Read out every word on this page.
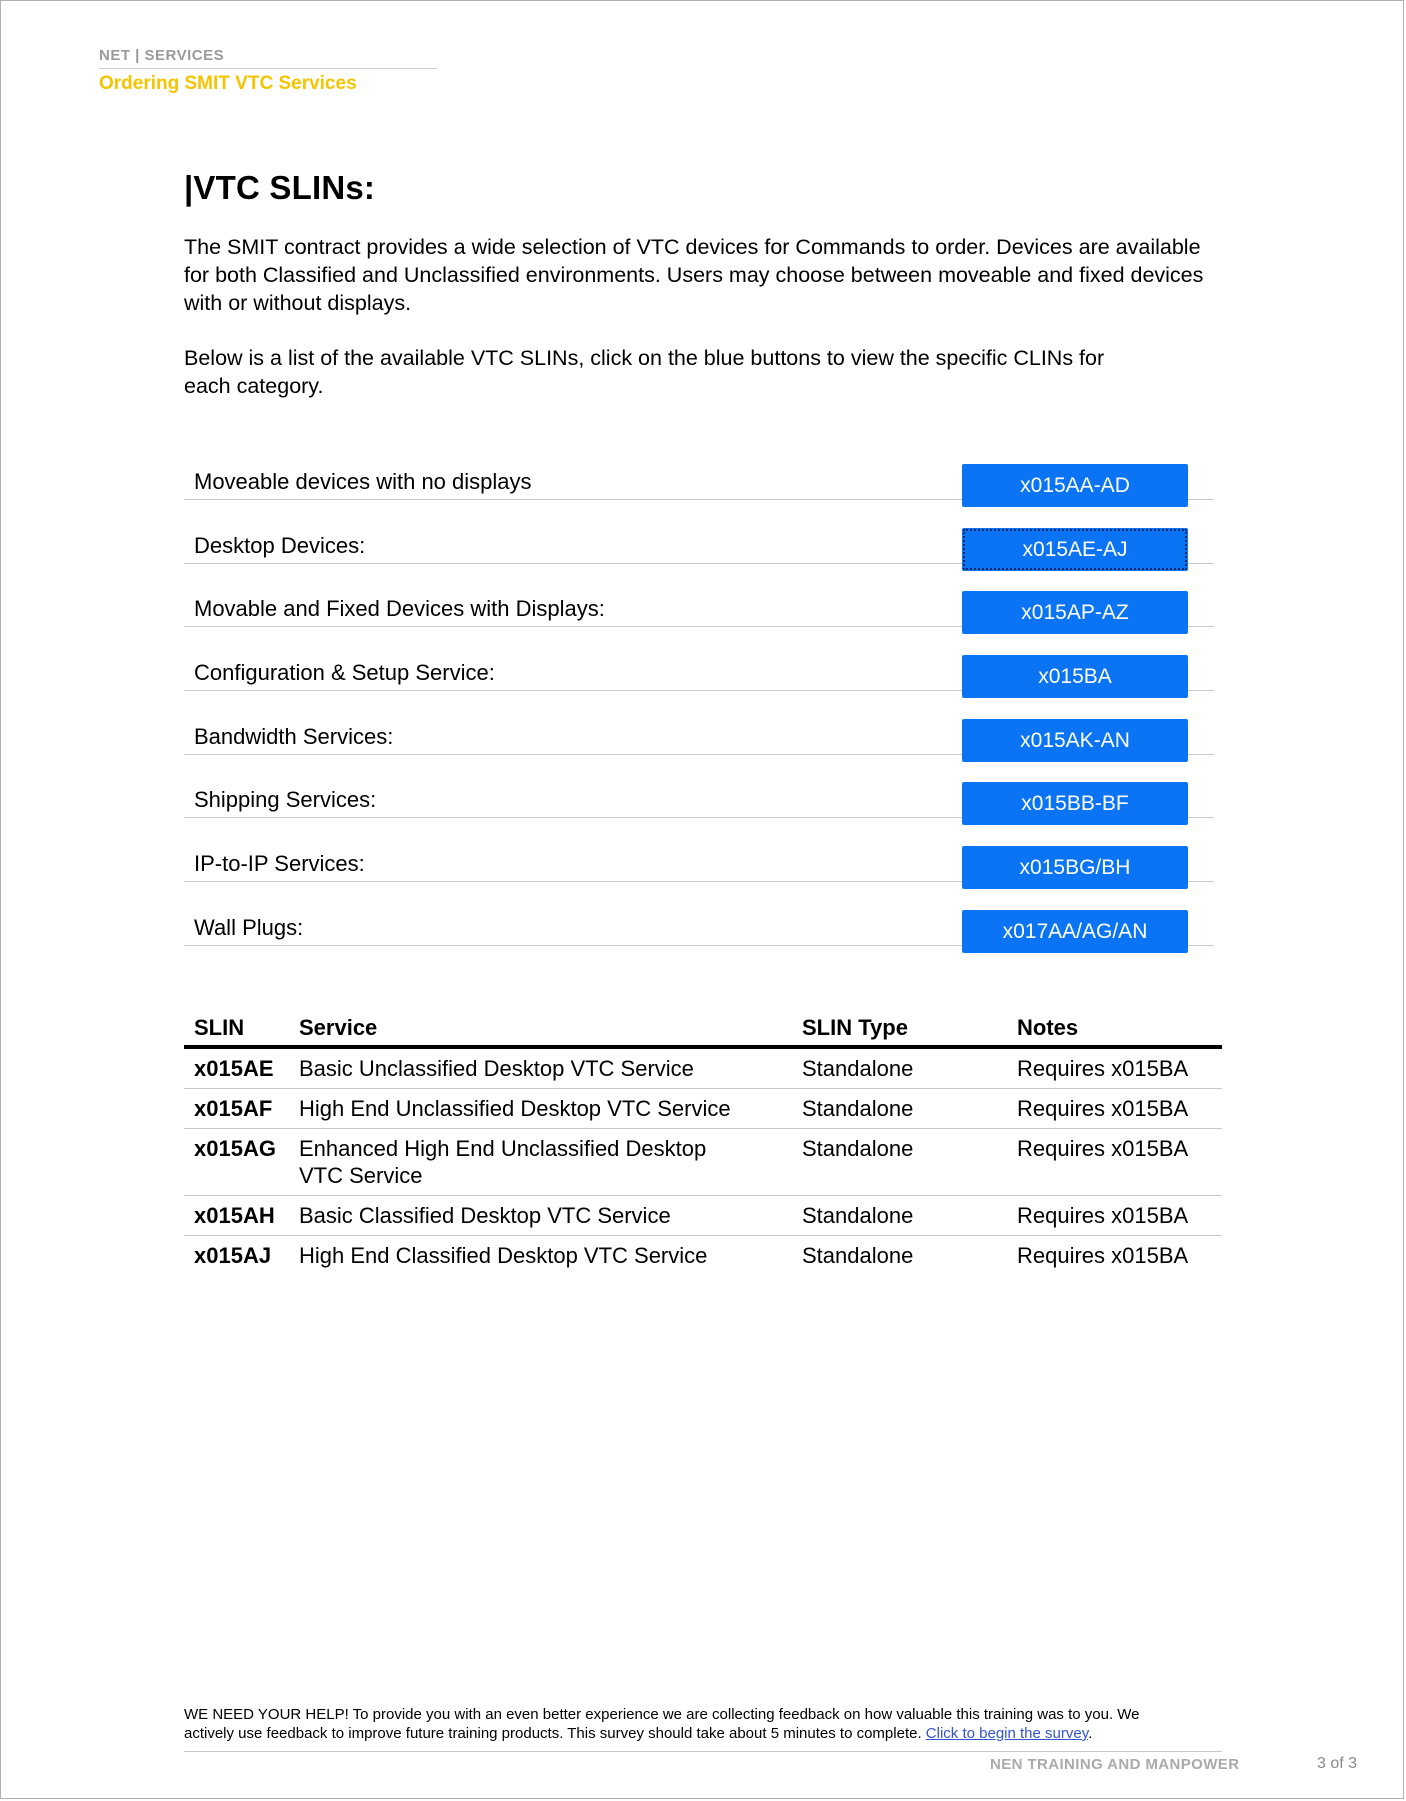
NET | SERVICES
Ordering SMIT VTC Services
|VTC SLINs:

The SMIT contract provides a wide selection of VTC devices for Commands to order. Devices are available for both Classified and Unclassified environments. Users may choose between moveable and fixed devices with or without displays.

Below is a list of the available VTC SLINs, click on the blue buttons to view the specific CLINs for each category.

Moveable devices with no displays	x015AA-AD
Desktop Devices:	x015AE-AJ
Movable and Fixed Devices with Displays:	x015AP-AZ
Configuration & Setup Service:	x015BA
Bandwidth Services:	x015AK-AN
Shipping Services:	x015BB-BF
IP-to-IP Services:	x015BG/BH
Wall Plugs:	x017AA/AG/AN
SLIN	Service	SLIN Type	Notes
x015AE	Basic Unclassified Desktop VTC Service	Standalone	Requires x015BA
x015AF	High End Unclassified Desktop VTC Service	Standalone	Requires x015BA
x015AG	Enhanced High End Unclassified Desktop VTC Service	Standalone	Requires x015BA
x015AH	Basic Classified Desktop VTC Service	Standalone	Requires x015BA
x015AJ	High End Classified Desktop VTC Service	Standalone	Requires x015BA
WE NEED YOUR HELP! To provide you with an even better experience we are collecting feedback on how valuable this training was to you. We actively use feedback to improve future training products. This survey should take about 5 minutes to complete. Click to begin the survey.
NEN TRAINING AND MANPOWER	3 of 3
